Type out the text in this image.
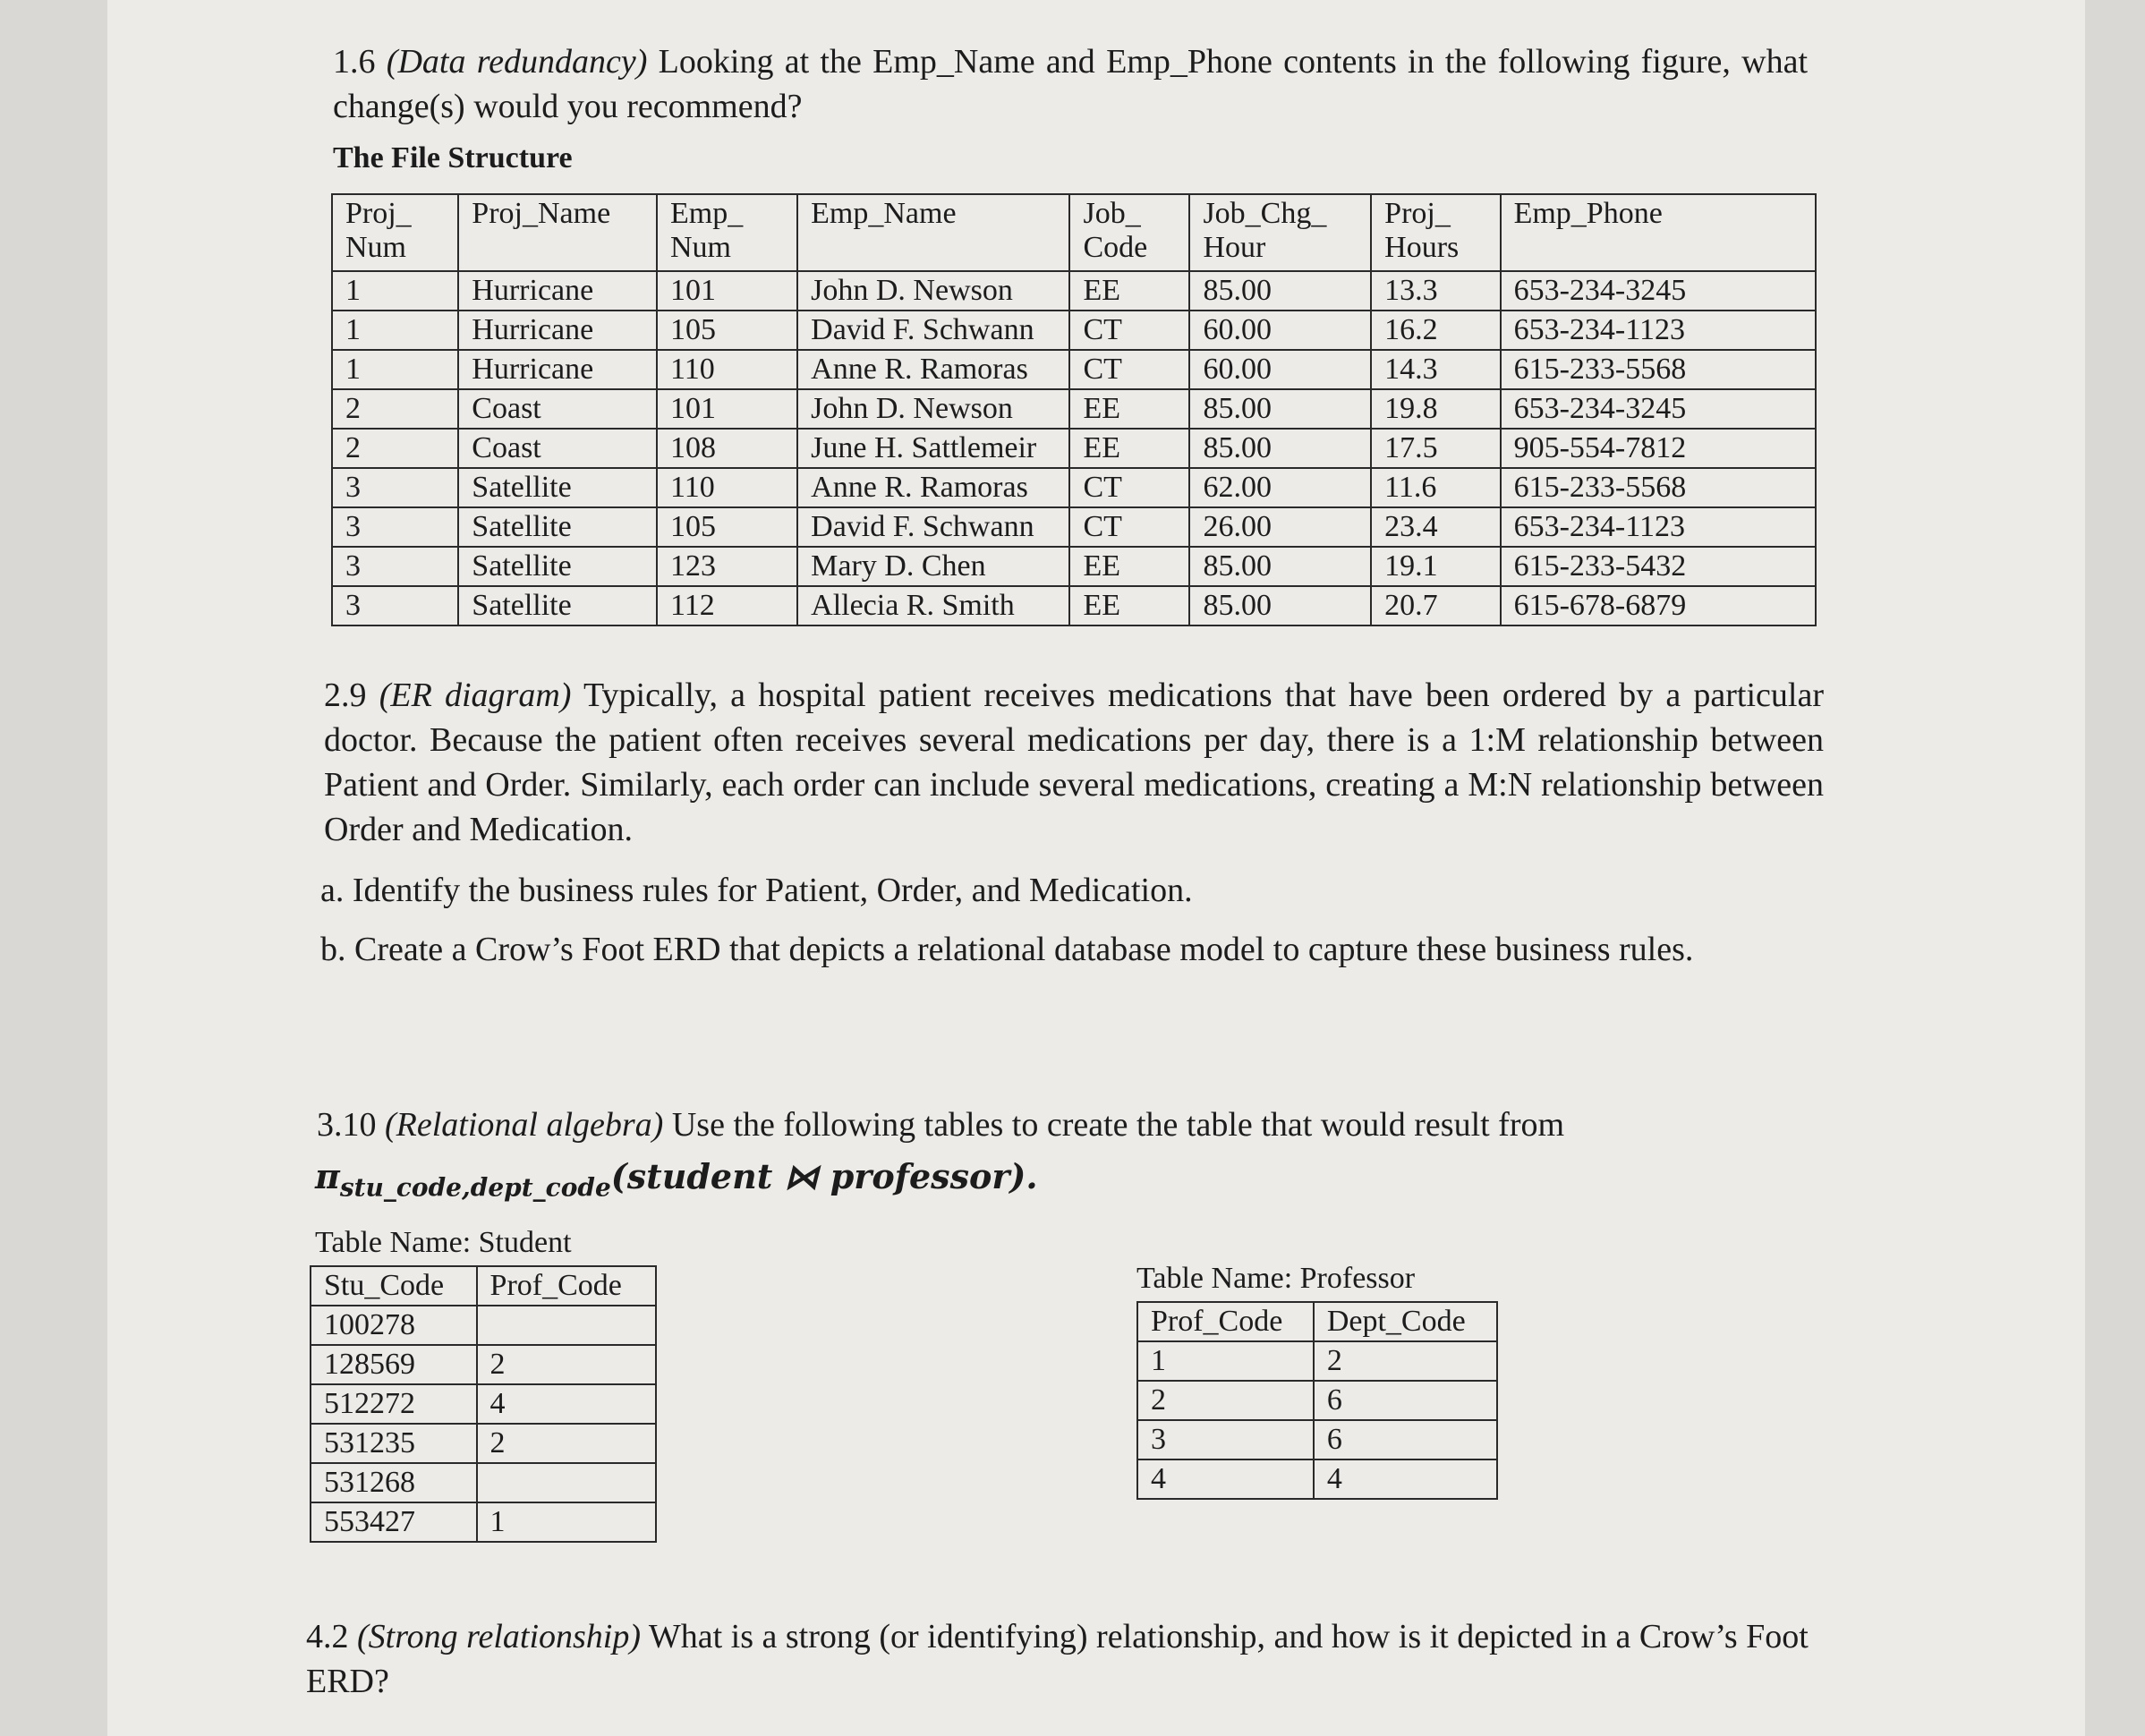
1.6 (Data redundancy) Looking at the Emp_Name and Emp_Phone contents in the following figure, what change(s) would you recommend?
The File Structure
Proj_ Num	Proj_Name	Emp_ Num	Emp_Name	Job_ Code	Job_Chg_ Hour	Proj_ Hours	Emp_Phone
1	Hurricane	101	John D. Newson	EE	85.00	13.3	653-234-3245
1	Hurricane	105	David F. Schwann	CT	60.00	16.2	653-234-1123
1	Hurricane	110	Anne R. Ramoras	CT	60.00	14.3	615-233-5568
2	Coast	101	John D. Newson	EE	85.00	19.8	653-234-3245
2	Coast	108	June H. Sattlemeir	EE	85.00	17.5	905-554-7812
3	Satellite	110	Anne R. Ramoras	CT	62.00	11.6	615-233-5568
3	Satellite	105	David F. Schwann	CT	26.00	23.4	653-234-1123
3	Satellite	123	Mary D. Chen	EE	85.00	19.1	615-233-5432
3	Satellite	112	Allecia R. Smith	EE	85.00	20.7	615-678-6879
2.9 (ER diagram) Typically, a hospital patient receives medications that have been ordered by a particular doctor. Because the patient often receives several medications per day, there is a 1:M relationship between Patient and Order. Similarly, each order can include several medications, creating a M:N relationship between Order and Medication.
a. Identify the business rules for Patient, Order, and Medication.
b. Create a Crow’s Foot ERD that depicts a relational database model to capture these business rules.
3.10 (Relational algebra) Use the following tables to create the table that would result from
$\pi_{stu\_code,dept\_code}(student$ ⋈ professor).
Table Name: Student
Stu_Code	Prof_Code
100278	
128569	2
512272	4
531235	2
531268	
553427	1
Table Name: Professor
Prof_Code	Dept_Code
1	2
2	6
3	6
4	4
4.2 (Strong relationship) What is a strong (or identifying) relationship, and how is it depicted in a Crow’s Foot ERD?
